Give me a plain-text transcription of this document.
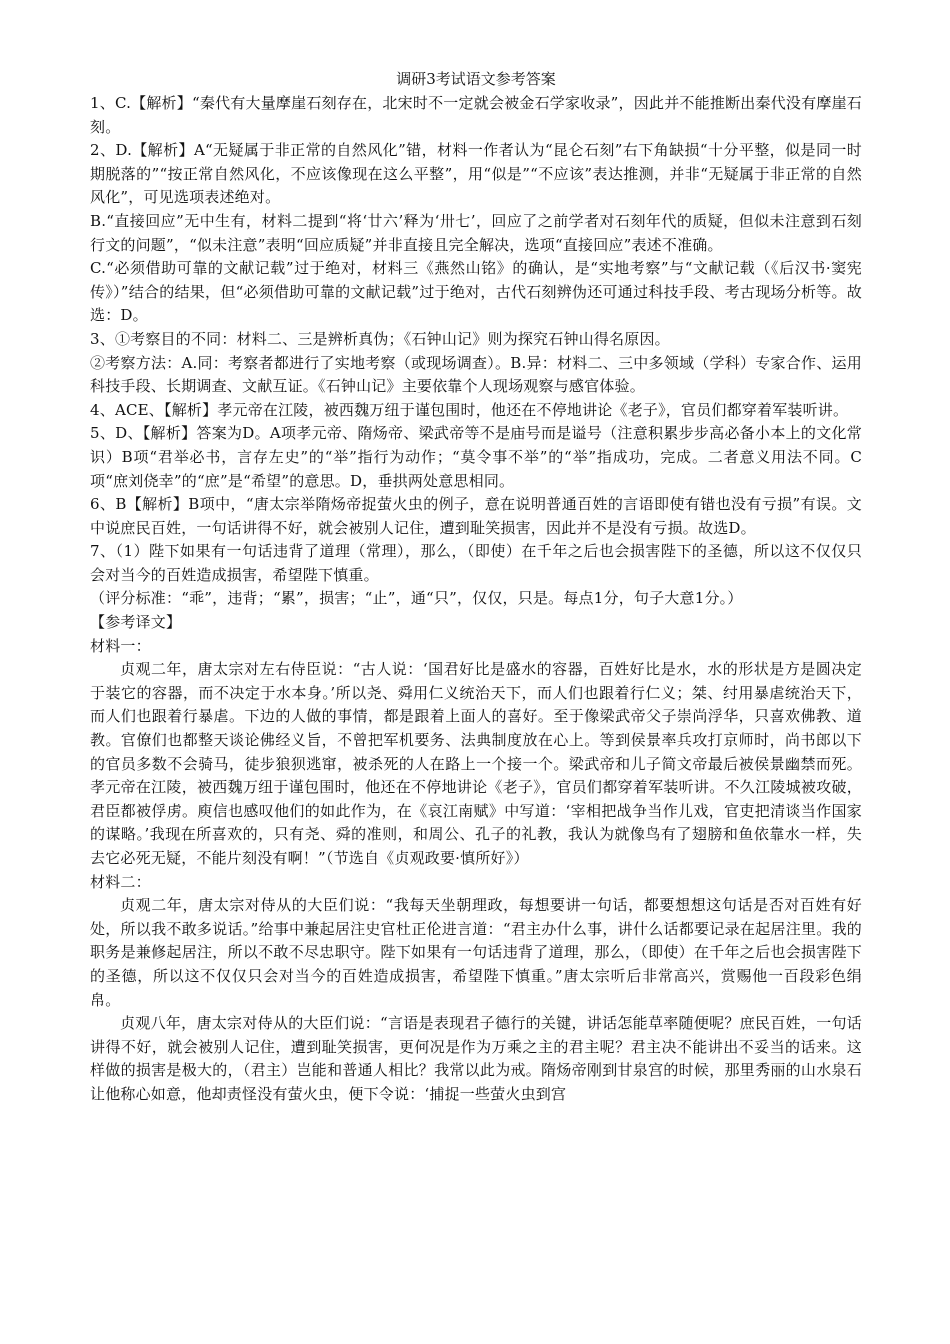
调研3考试语文参考答案

1、C.【解析】“秦代有大量摩崖石刻存在，北宋时不一定就会被金石学家收录”，因此并不能推断出秦代没有摩崖石刻。

2、D.【解析】A“无疑属于非正常的自然风化”错，材料一作者认为“昆仑石刻”右下角缺损“十分平整，似是同一时期脱落的”“按正常自然风化，不应该像现在这么平整”，用“似是”“不应该”表达推测，并非“无疑属于非正常的自然风化”，可见选项表述绝对。

B.“直接回应”无中生有，材料二提到“将‘廿六’释为‘卅七’，回应了之前学者对石刻年代的质疑，但似未注意到石刻行文的问题”，“似未注意”表明“回应质疑”并非直接且完全解决，选项“直接回应”表述不准确。

C.“必须借助可靠的文献记载”过于绝对，材料三《燕然山铭》的确认，是“实地考察”与“文献记载（《后汉书·窦宪传》）”结合的结果，但“必须借助可靠的文献记载”过于绝对，古代石刻辨伪还可通过科技手段、考古现场分析等。故选：D。

3、①考察目的不同：材料二、三是辨析真伪；《石钟山记》则为探究石钟山得名原因。

②考察方法：A.同：考察者都进行了实地考察（或现场调查）。B.异：材料二、三中多领域（学科）专家合作、运用科技手段、长期调查、文献互证。《石钟山记》主要依靠个人现场观察与感官体验。

4、ACE、【解析】孝元帝在江陵，被西魏万纽于谨包围时，他还在不停地讲论《老子》，官员们都穿着军装听讲。

5、D、【解析】答案为D。A项孝元帝、隋炀帝、梁武帝等不是庙号而是谥号（注意积累步步高必备小本上的文化常识）B项“君举必书，言存左史”的“举”指行为动作；“莫令事不举”的“举”指成功，完成。二者意义用法不同。C项“庶刘侥幸”的“庶”是“希望”的意思。D，垂拱两处意思相同。

6、B【解析】B项中，“唐太宗举隋炀帝捉萤火虫的例子，意在说明普通百姓的言语即使有错也没有亏损”有误。文中说庶民百姓，一句话讲得不好，就会被别人记住，遭到耻笑损害，因此并不是没有亏损。故选D。

7、（1）陛下如果有一句话违背了道理（常理），那么，（即使）在千年之后也会损害陛下的圣德，所以这不仅仅只会对当今的百姓造成损害，希望陛下慎重。

（评分标准：“乖”，违背；“累”，损害；“止”，通“只”，仅仅，只是。每点1分，句子大意1分。）

【参考译文】

材料一：

贞观二年，唐太宗对左右侍臣说：“古人说：‘国君好比是盛水的容器，百姓好比是水，水的形状是方是圆决定于装它的容器，而不决定于水本身。’所以尧、舜用仁义统治天下，而人们也跟着行仁义；桀、纣用暴虐统治天下，而人们也跟着行暴虐。下边的人做的事情，都是跟着上面人的喜好。至于像梁武帝父子崇尚浮华，只喜欢佛教、道教。官僚们也都整天谈论佛经义旨，不曾把军机要务、法典制度放在心上。等到侯景率兵攻打京师时，尚书郎以下的官员多数不会骑马，徒步狼狈逃窜，被杀死的人在路上一个接一个。梁武帝和儿子简文帝最后被侯景幽禁而死。孝元帝在江陵，被西魏万纽于谨包围时，他还在不停地讲论《老子》，官员们都穿着军装听讲。不久江陵城被攻破，君臣都被俘虏。庾信也感叹他们的如此作为，在《哀江南赋》中写道：‘宰相把战争当作儿戏，官吏把清谈当作国家的谋略。’我现在所喜欢的，只有尧、舜的准则，和周公、孔子的礼教，我认为就像鸟有了翅膀和鱼依靠水一样，失去它必死无疑，不能片刻没有啊！”（节选自《贞观政要·慎所好》）

材料二：

贞观二年，唐太宗对侍从的大臣们说：“我每天坐朝理政，每想要讲一句话，都要想想这句话是否对百姓有好处，所以我不敢多说话。”给事中兼起居注史官杜正伦进言道：“君主办什么事，讲什么话都要记录在起居注里。我的职务是兼修起居注，所以不敢不尽忠职守。陛下如果有一句话违背了道理，那么，（即使）在千年之后也会损害陛下的圣德，所以这不仅仅只会对当今的百姓造成损害，希望陛下慎重。”唐太宗听后非常高兴，赏赐他一百段彩色绢帛。

贞观八年，唐太宗对侍从的大臣们说：“言语是表现君子德行的关键，讲话怎能草率随便呢？庶民百姓，一句话讲得不好，就会被别人记住，遭到耻笑损害，更何况是作为万乘之主的君主呢？君主决不能讲出不妥当的话来。这样做的损害是极大的，（君主）岂能和普通人相比？我常以此为戒。隋炀帝刚到甘泉宫的时候，那里秀丽的山水泉石让他称心如意，他却责怪没有萤火虫，便下令说：‘捕捉一些萤火虫到宫
